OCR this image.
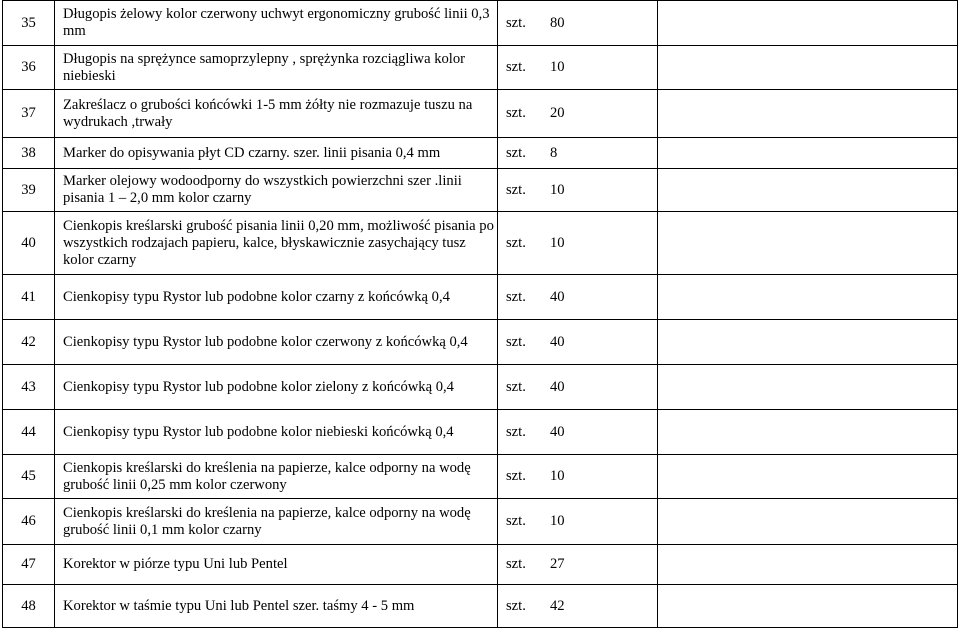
35	Długopis żelowy kolor czerwony uchwyt ergonomiczny grubość linii 0,3 mm	szt. 80	
36	Długopis na sprężynce samoprzylepny , sprężynka rozciągliwa kolor niebieski	szt. 10	
37	Zakreślacz o grubości końcówki 1-5 mm żółty nie rozmazuje tuszu na wydrukach ,trwały	szt. 20	
38	Marker do opisywania płyt CD czarny. szer. linii pisania 0,4 mm	szt. 8	
39	Marker olejowy wodoodporny do wszystkich powierzchni szer .linii pisania 1 – 2,0 mm kolor czarny	szt. 10	
40	Cienkopis kreślarski grubość pisania linii 0,20 mm, możliwość pisania po wszystkich rodzajach papieru, kalce, błyskawicznie zasychający tusz kolor czarny	szt. 10	
41	Cienkopisy typu Rystor lub podobne kolor czarny z końcówką 0,4	szt. 40	
42	Cienkopisy typu Rystor lub podobne kolor czerwony z końcówką 0,4	szt. 40	
43	Cienkopisy typu Rystor lub podobne kolor zielony z końcówką 0,4	szt. 40	
44	Cienkopisy typu Rystor lub podobne kolor niebieski końcówką 0,4	szt. 40	
45	Cienkopis kreślarski do kreślenia na papierze, kalce odporny na wodę grubość linii 0,25 mm kolor czerwony	szt. 10	
46	Cienkopis kreślarski do kreślenia na papierze, kalce odporny na wodę grubość linii 0,1 mm kolor czarny	szt. 10	
47	Korektor w piórze typu Uni lub Pentel	szt. 27	
48	Korektor w taśmie typu Uni lub Pentel szer. taśmy 4 - 5 mm	szt. 42	
